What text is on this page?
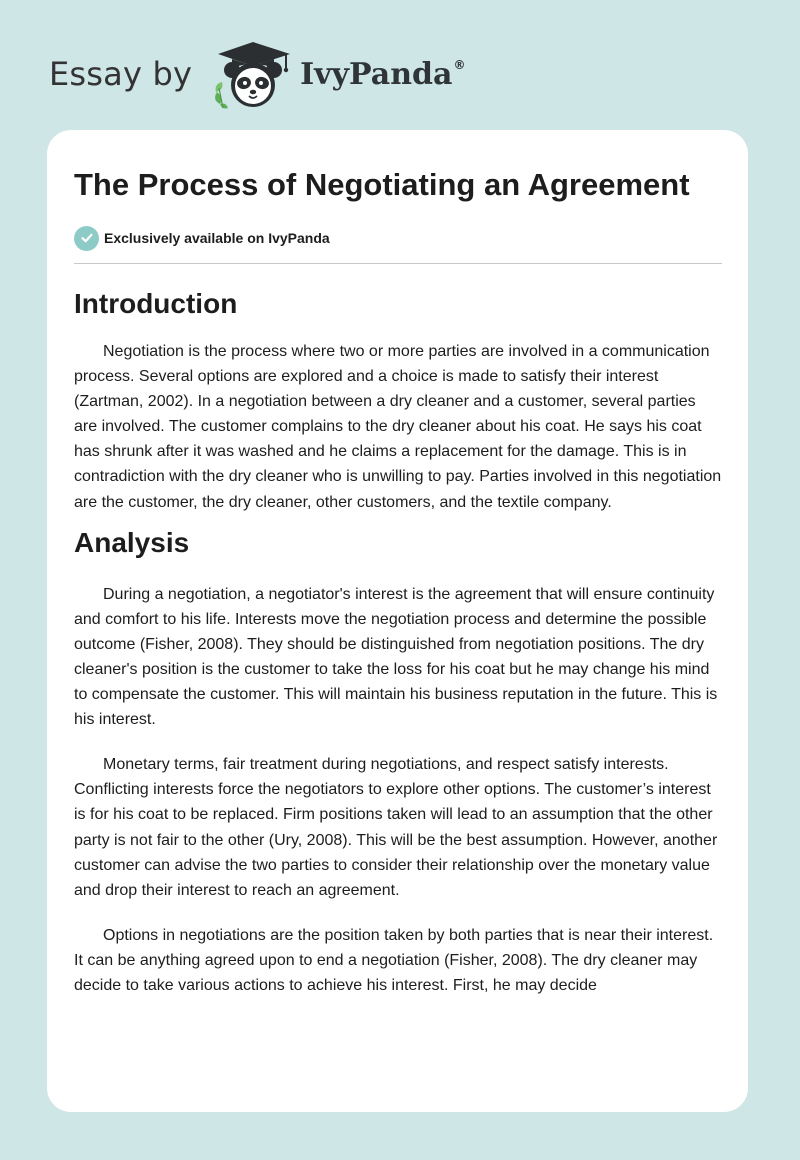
Essay by	IvyPanda ®
The Process of Negotiating an Agreement
Exclusively available on IvyPanda
Introduction

Negotiation is the process where two or more parties are involved in a communication process. Several options are explored and a choice is made to satisfy their interest (Zartman, 2002). In a negotiation between a dry cleaner and a customer, several parties are involved. The customer complains to the dry cleaner about his coat. He says his coat has shrunk after it was washed and he claims a replacement for the damage. This is in contradiction with the dry cleaner who is unwilling to pay. Parties involved in this negotiation are the customer, the dry cleaner, other customers, and the textile company.

Analysis

During a negotiation, a negotiator's interest is the agreement that will ensure continuity and comfort to his life. Interests move the negotiation process and determine the possible outcome (Fisher, 2008). They should be distinguished from negotiation positions. The dry cleaner's position is the customer to take the loss for his coat but he may change his mind to compensate the customer. This will maintain his business reputation in the future. This is his interest.

Monetary terms, fair treatment during negotiations, and respect satisfy interests. Conflicting interests force the negotiators to explore other options. The customer’s interest is for his coat to be replaced. Firm positions taken will lead to an assumption that the other party is not fair to the other (Ury, 2008). This will be the best assumption. However, another customer can advise the two parties to consider their relationship over the monetary value and drop their interest to reach an agreement.

Options in negotiations are the position taken by both parties that is near their interest. It can be anything agreed upon to end a negotiation (Fisher, 2008). The dry cleaner may decide to take various actions to achieve his interest. First, he may decide
